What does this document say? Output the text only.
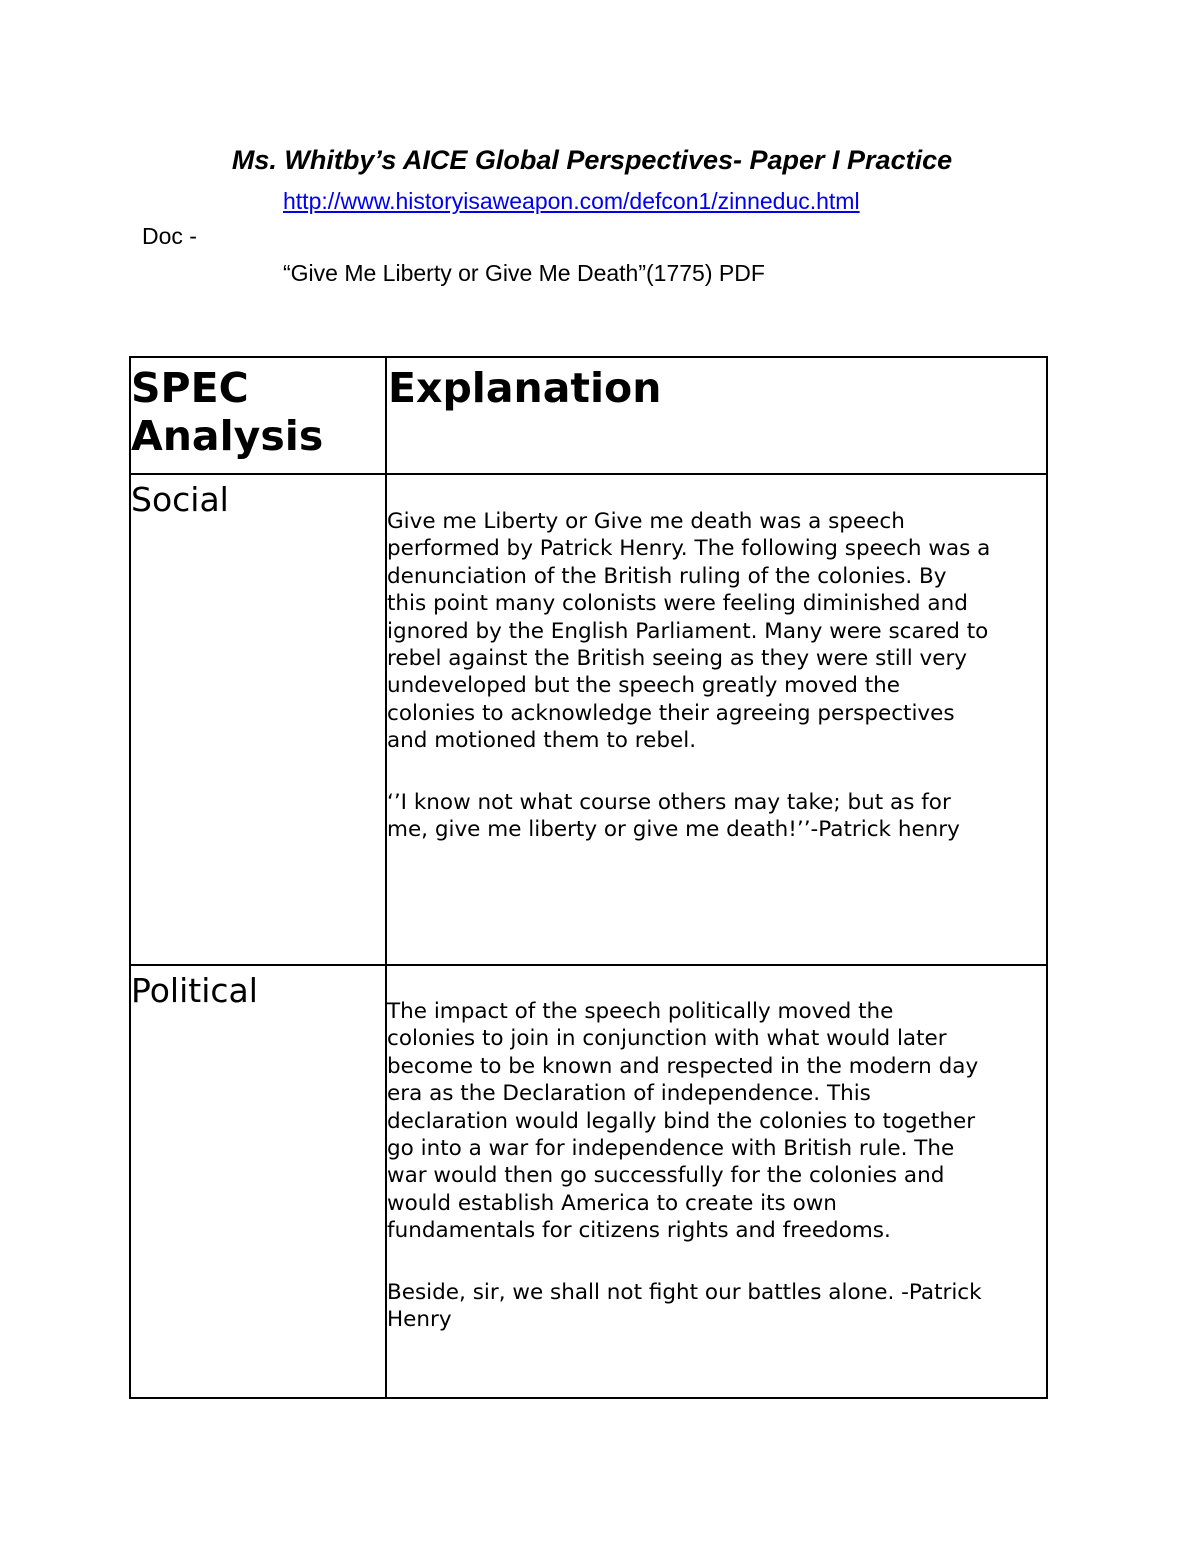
Ms. Whitby’s AICE Global Perspectives- Paper I Practice
http://www.historyisaweapon.com/defcon1/zinneduc.html
Doc -
“Give Me Liberty or Give Me Death”(1775) PDF
SPEC
Analysis
Explanation
Social
Give me Liberty or Give me death was a speech
performed by Patrick Henry. The following speech was a
denunciation of the British ruling of the colonies. By
this point many colonists were feeling diminished and
ignored by the English Parliament. Many were scared to
rebel against the British seeing as they were still very
undeveloped but the speech greatly moved the
colonies to acknowledge their agreeing perspectives
and motioned them to rebel.
‘’I know not what course others may take; but as for
me, give me liberty or give me death!’’-Patrick henry
Political
The impact of the speech politically moved the
colonies to join in conjunction with what would later
become to be known and respected in the modern day
era as the Declaration of independence. This
declaration would legally bind the colonies to together
go into a war for independence with British rule. The
war would then go successfully for the colonies and
would establish America to create its own
fundamentals for citizens rights and freedoms.
Beside, sir, we shall not fight our battles alone. -Patrick
Henry
